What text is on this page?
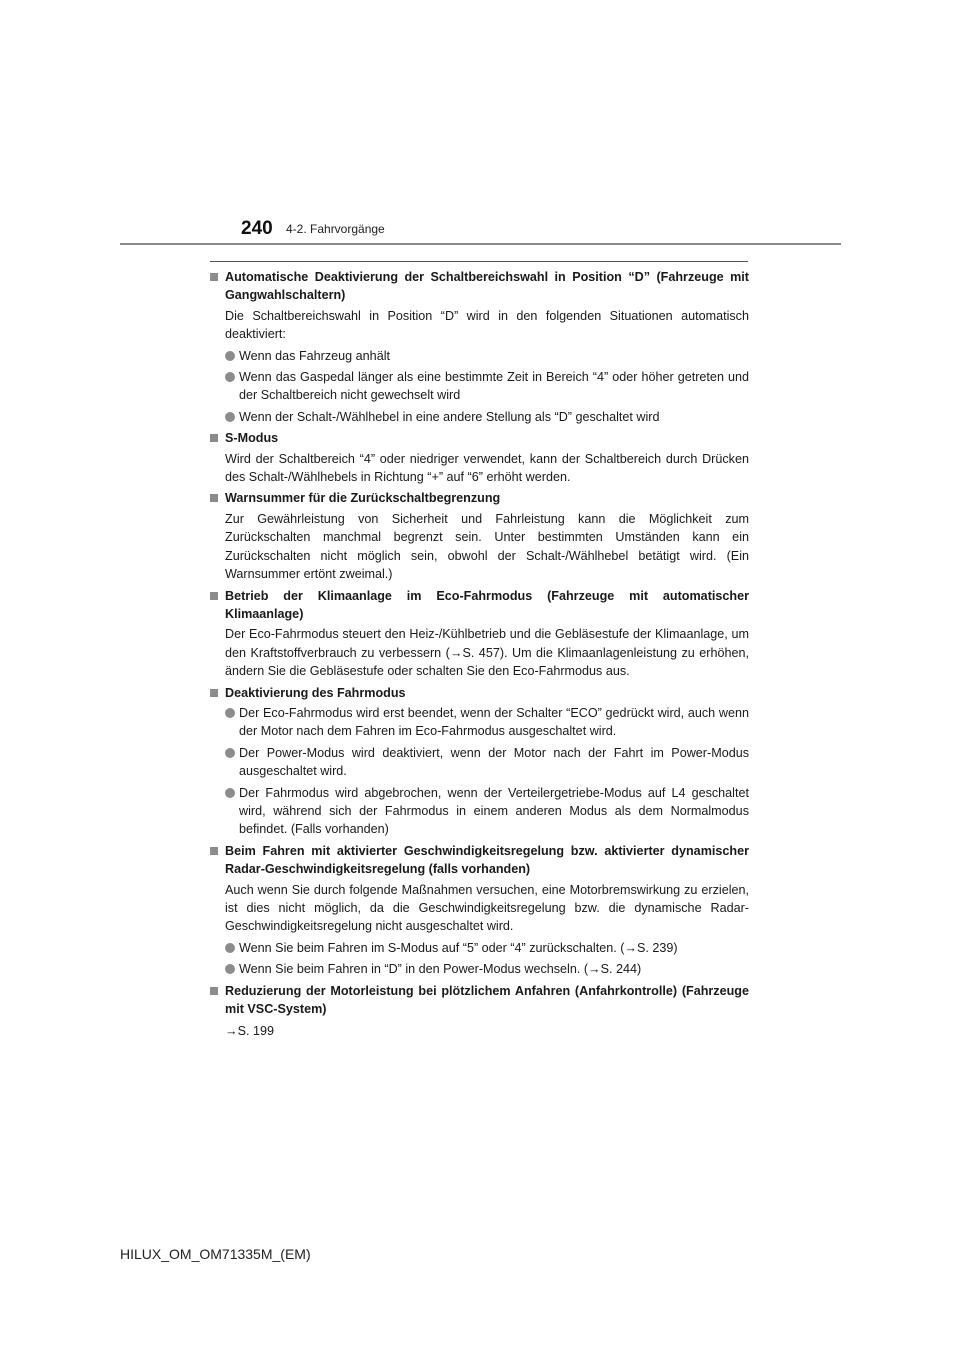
240 4-2. Fahrvorgänge
Automatische Deaktivierung der Schaltbereichswahl in Position “D” (Fahrzeuge mit Gangwahlschaltern)
Die Schaltbereichswahl in Position “D” wird in den folgenden Situationen automatisch deaktiviert:
Wenn das Fahrzeug anhält
Wenn das Gaspedal länger als eine bestimmte Zeit in Bereich “4” oder höher getreten und der Schaltbereich nicht gewechselt wird
Wenn der Schalt-/Wählhebel in eine andere Stellung als “D” geschaltet wird
S-Modus
Wird der Schaltbereich “4” oder niedriger verwendet, kann der Schaltbereich durch Drücken des Schalt-/Wählhebels in Richtung “+” auf “6” erhöht werden.
Warnsummer für die Zurückschaltbegrenzung
Zur Gewährleistung von Sicherheit und Fahrleistung kann die Möglichkeit zum Zurückschalten manchmal begrenzt sein. Unter bestimmten Umständen kann ein Zurückschalten nicht möglich sein, obwohl der Schalt-/Wählhebel betätigt wird. (Ein Warnsummer ertönt zweimal.)
Betrieb der Klimaanlage im Eco-Fahrmodus (Fahrzeuge mit automatischer Klimaanlage)
Der Eco-Fahrmodus steuert den Heiz-/Kühlbetrieb und die Gebläsestufe der Klimaanlage, um den Kraftstoffverbrauch zu verbessern (→S. 457). Um die Klimaanlagenleistung zu erhöhen, ändern Sie die Gebläsestufe oder schalten Sie den Eco-Fahrmodus aus.
Deaktivierung des Fahrmodus
Der Eco-Fahrmodus wird erst beendet, wenn der Schalter “ECO” gedrückt wird, auch wenn der Motor nach dem Fahren im Eco-Fahrmodus ausgeschaltet wird.
Der Power-Modus wird deaktiviert, wenn der Motor nach der Fahrt im Power-Modus ausgeschaltet wird.
Der Fahrmodus wird abgebrochen, wenn der Verteilergetriebe-Modus auf L4 geschaltet wird, während sich der Fahrmodus in einem anderen Modus als dem Normalmodus befindet. (Falls vorhanden)
Beim Fahren mit aktivierter Geschwindigkeitsregelung bzw. aktivierter dynamischer Radar-Geschwindigkeitsregelung (falls vorhanden)
Auch wenn Sie durch folgende Maßnahmen versuchen, eine Motorbremswirkung zu erzielen, ist dies nicht möglich, da die Geschwindigkeitsregelung bzw. die dynamische Radar-Geschwindigkeitsregelung nicht ausgeschaltet wird.
Wenn Sie beim Fahren im S-Modus auf “5” oder “4” zurückschalten. (→S. 239)
Wenn Sie beim Fahren in “D” in den Power-Modus wechseln. (→S. 244)
Reduzierung der Motorleistung bei plötzlichem Anfahren (Anfahrkontrolle) (Fahrzeuge mit VSC-System)
→S. 199
HILUX_OM_OM71335M_(EM)
